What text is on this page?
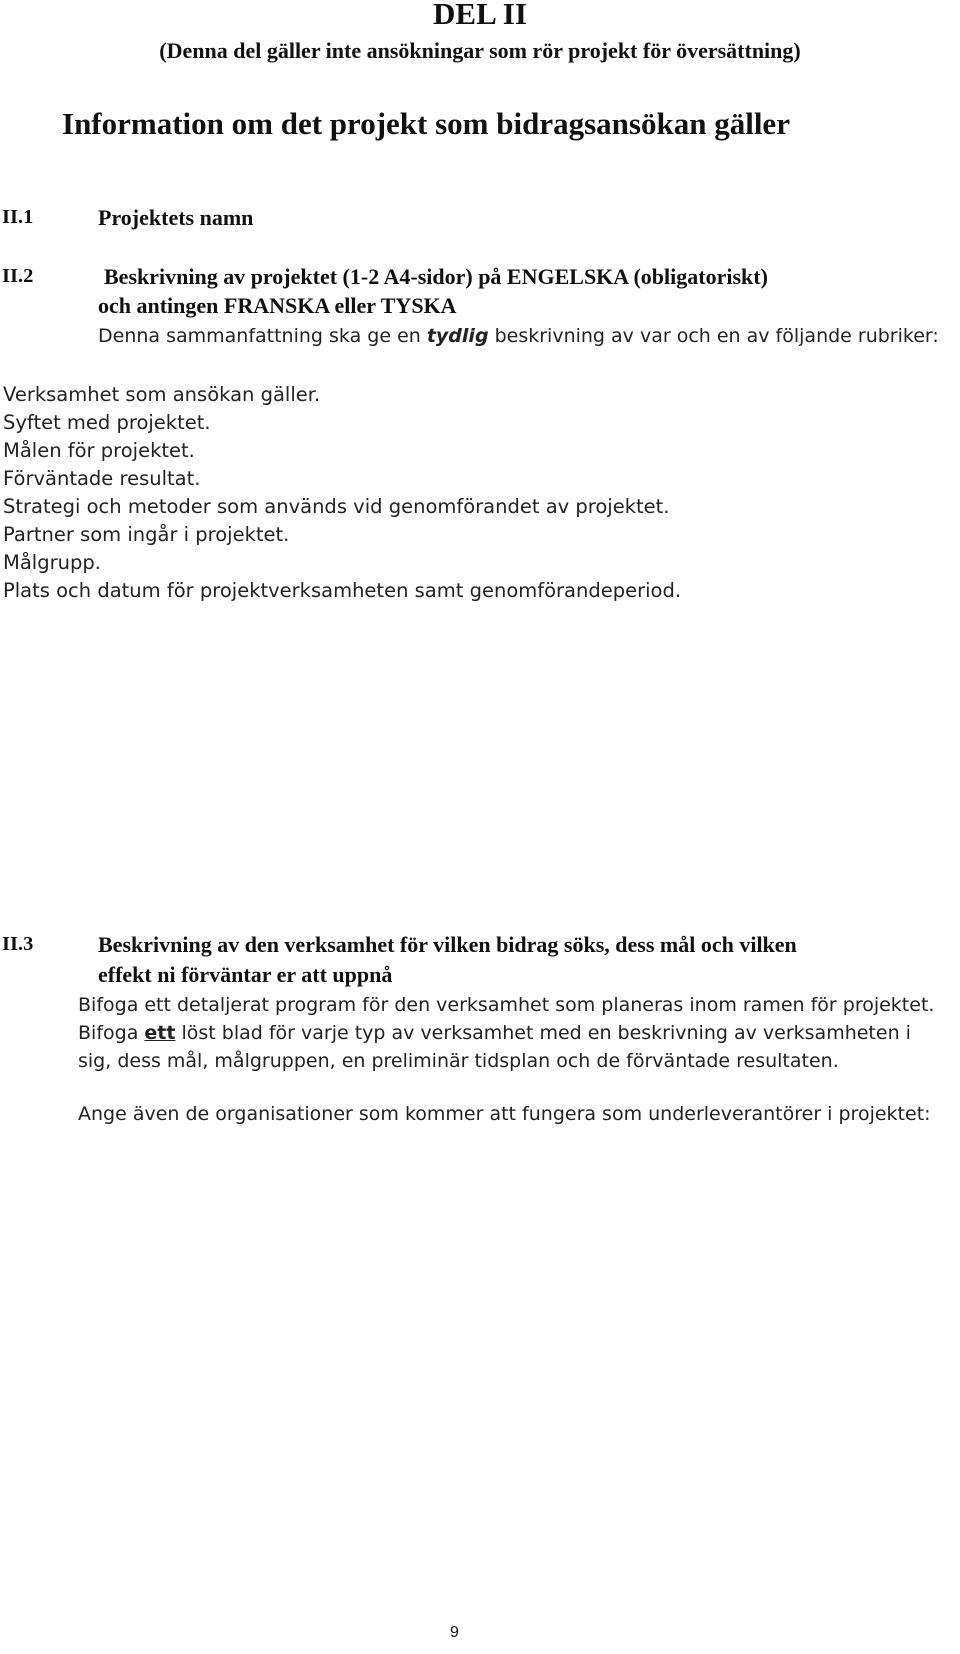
DEL II
(Denna del gäller inte ansökningar som rör projekt för översättning)
Information om det projekt som bidragsansökan gäller
II.1	Projektets namn
II.2	Beskrivning av projektet (1-2 A4-sidor) på ENGELSKA (obligatoriskt)
och antingen FRANSKA eller TYSKA
Denna sammanfattning ska ge en tydlig beskrivning av var och en av följande rubriker:
Verksamhet som ansökan gäller.
Syftet med projektet.
Målen för projektet.
Förväntade resultat.
Strategi och metoder som används vid genomförandet av projektet.
Partner som ingår i projektet.
Målgrupp.
Plats och datum för projektverksamheten samt genomförandeperiod.
II.3	Beskrivning av den verksamhet för vilken bidrag söks, dess mål och vilken
effekt ni förväntar er att uppnå
Bifoga ett detaljerat program för den verksamhet som planeras inom ramen för projektet.
Bifoga ett löst blad för varje typ av verksamhet med en beskrivning av verksamheten i
sig, dess mål, målgruppen, en preliminär tidsplan och de förväntade resultaten.
Ange även de organisationer som kommer att fungera som underleverantörer i projektet:
9
